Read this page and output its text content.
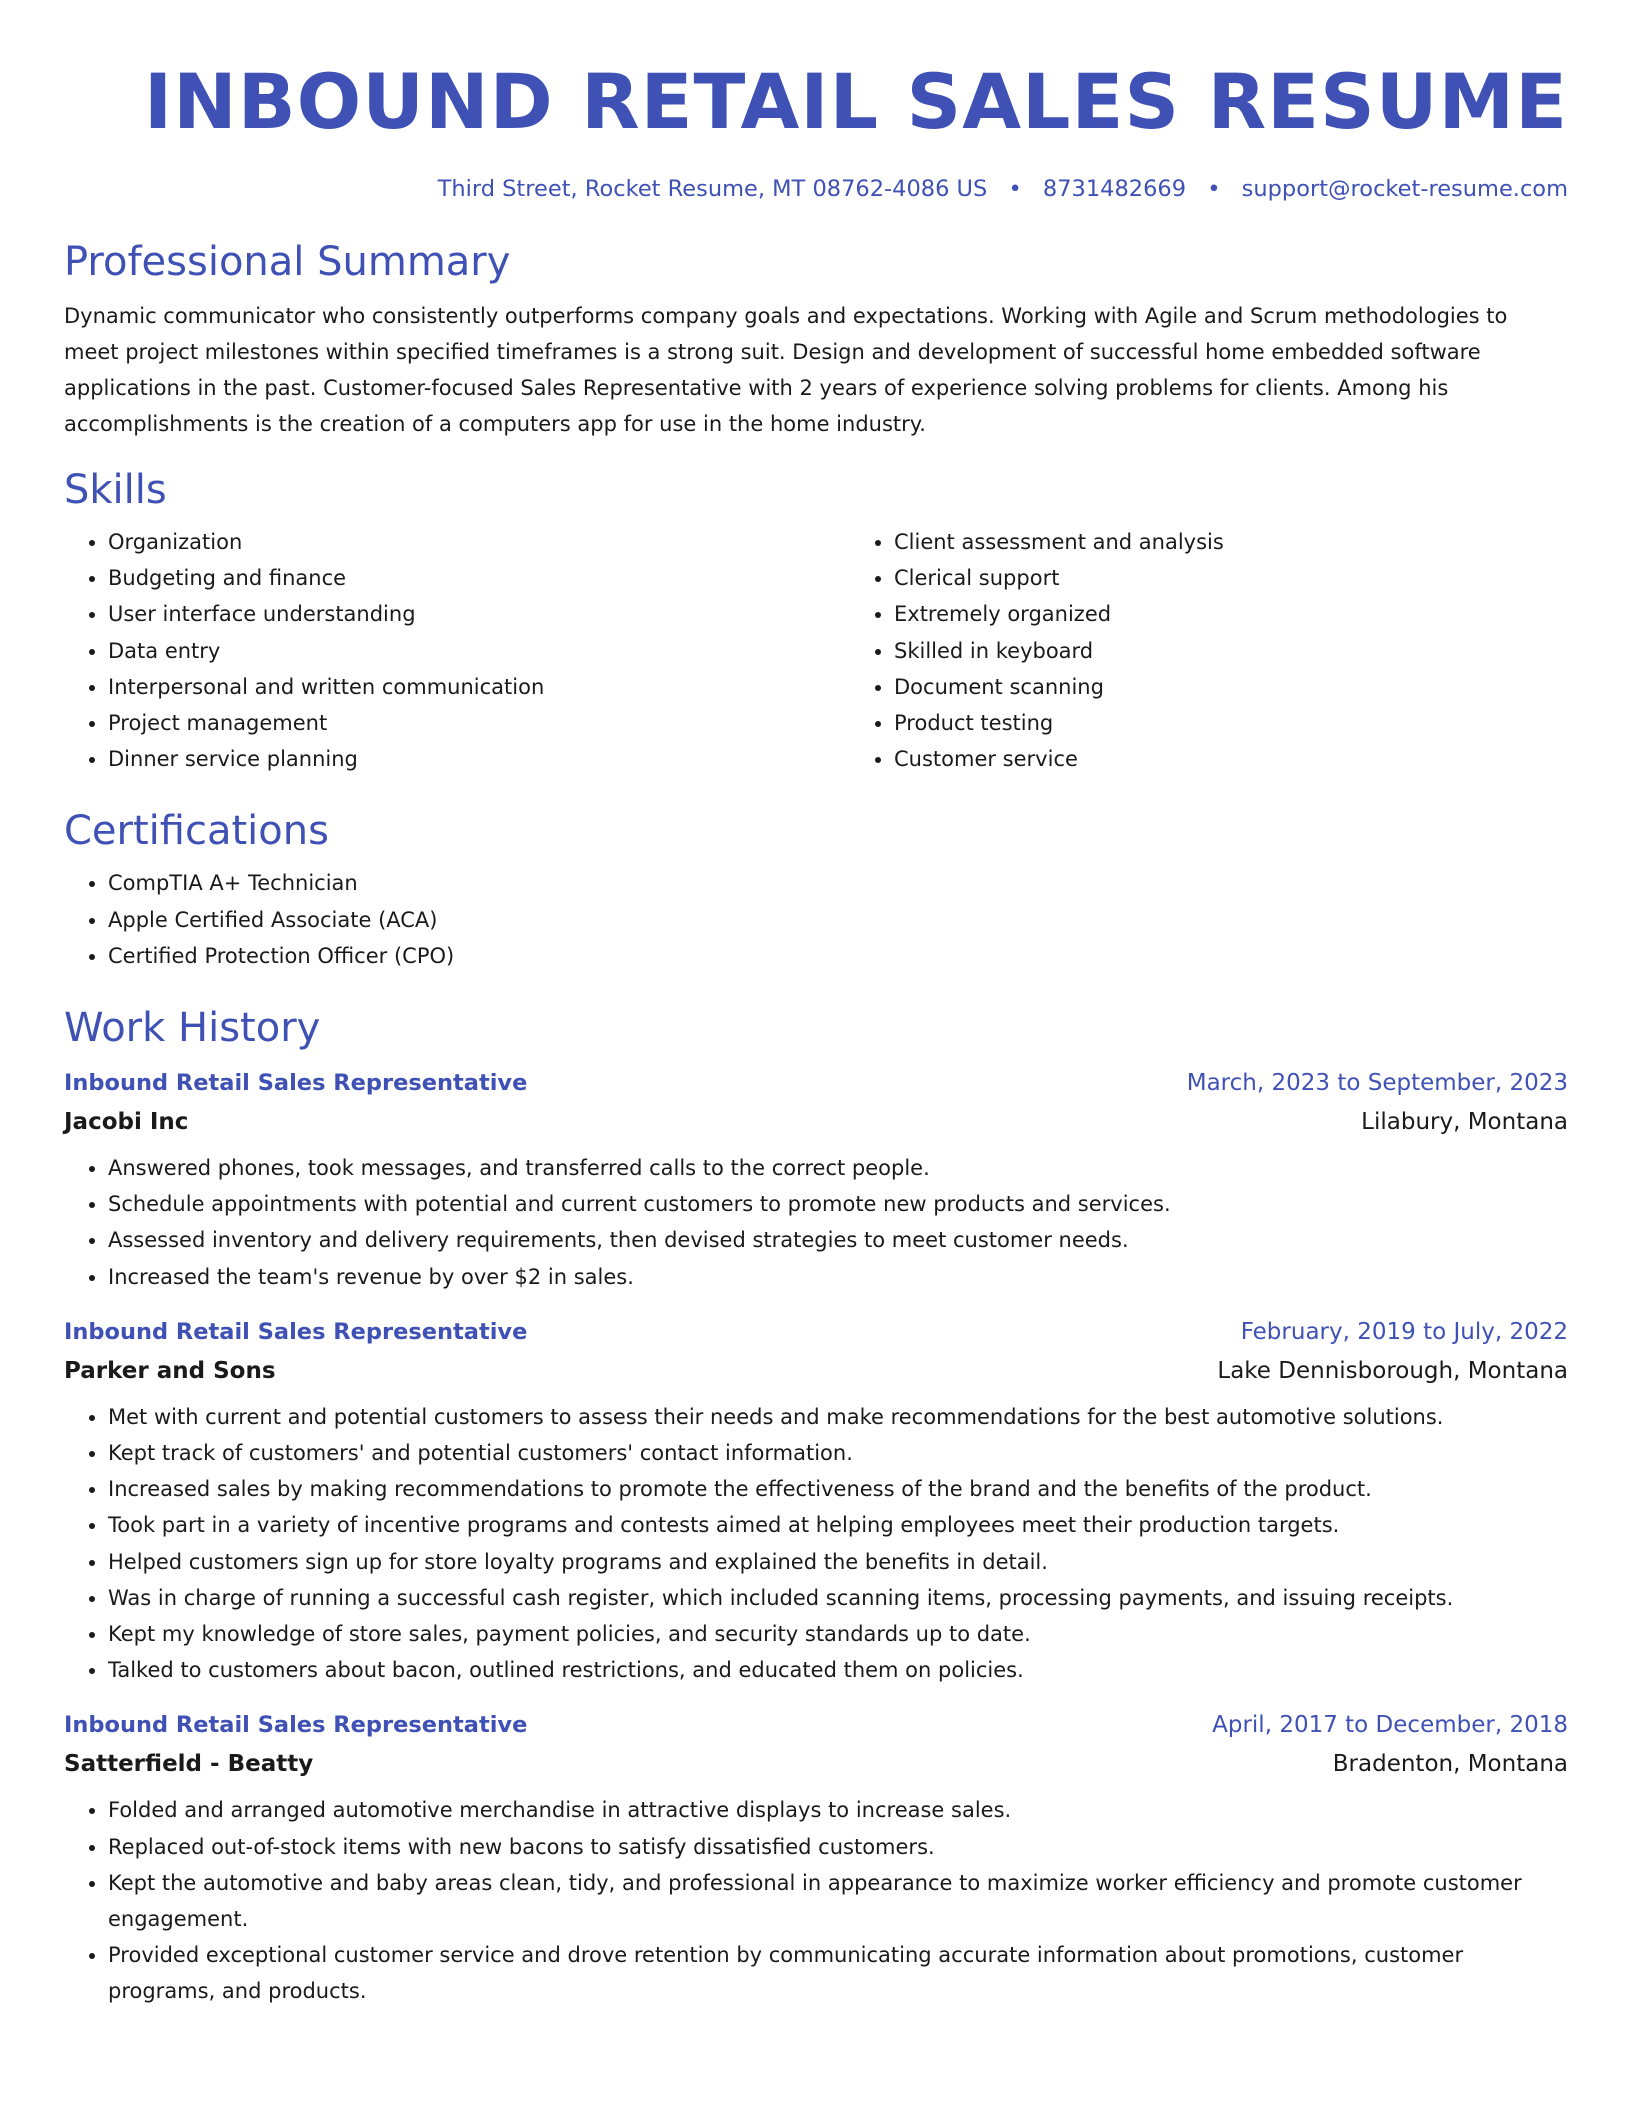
INBOUND RETAIL SALES RESUME
Third Street, Rocket Resume, MT 08762-4086 US • 8731482669 • support@rocket-resume.com
Professional Summary

Dynamic communicator who consistently outperforms company goals and expectations. Working with Agile and Scrum methodologies to meet project milestones within specified timeframes is a strong suit. Design and development of successful home embedded software applications in the past. Customer-focused Sales Representative with 2 years of experience solving problems for clients. Among his accomplishments is the creation of a computers app for use in the home industry.

Skills
• Organization
• Budgeting and finance
• User interface understanding
• Data entry
• Interpersonal and written communication
• Project management
• Dinner service planning
• Client assessment and analysis
• Clerical support
• Extremely organized
• Skilled in keyboard
• Document scanning
• Product testing
• Customer service
Certifications
• CompTIA A+ Technician
• Apple Certified Associate (ACA)
• Certified Protection Officer (CPO)
Work History
Inbound Retail Sales Representative	March, 2023 to September, 2023
Jacobi Inc	Lilabury, Montana
• Answered phones, took messages, and transferred calls to the correct people.
• Schedule appointments with potential and current customers to promote new products and services.
• Assessed inventory and delivery requirements, then devised strategies to meet customer needs.
• Increased the team's revenue by over $2 in sales.
Inbound Retail Sales Representative	February, 2019 to July, 2022
Parker and Sons	Lake Dennisborough, Montana
• Met with current and potential customers to assess their needs and make recommendations for the best automotive solutions.
• Kept track of customers' and potential customers' contact information.
• Increased sales by making recommendations to promote the effectiveness of the brand and the benefits of the product.
• Took part in a variety of incentive programs and contests aimed at helping employees meet their production targets.
• Helped customers sign up for store loyalty programs and explained the benefits in detail.
• Was in charge of running a successful cash register, which included scanning items, processing payments, and issuing receipts.
• Kept my knowledge of store sales, payment policies, and security standards up to date.
• Talked to customers about bacon, outlined restrictions, and educated them on policies.
Inbound Retail Sales Representative	April, 2017 to December, 2018
Satterfield - Beatty	Bradenton, Montana
• Folded and arranged automotive merchandise in attractive displays to increase sales.
• Replaced out-of-stock items with new bacons to satisfy dissatisfied customers.
• Kept the automotive and baby areas clean, tidy, and professional in appearance to maximize worker efficiency and promote customer engagement.
• Provided exceptional customer service and drove retention by communicating accurate information about promotions, customer programs, and products.
